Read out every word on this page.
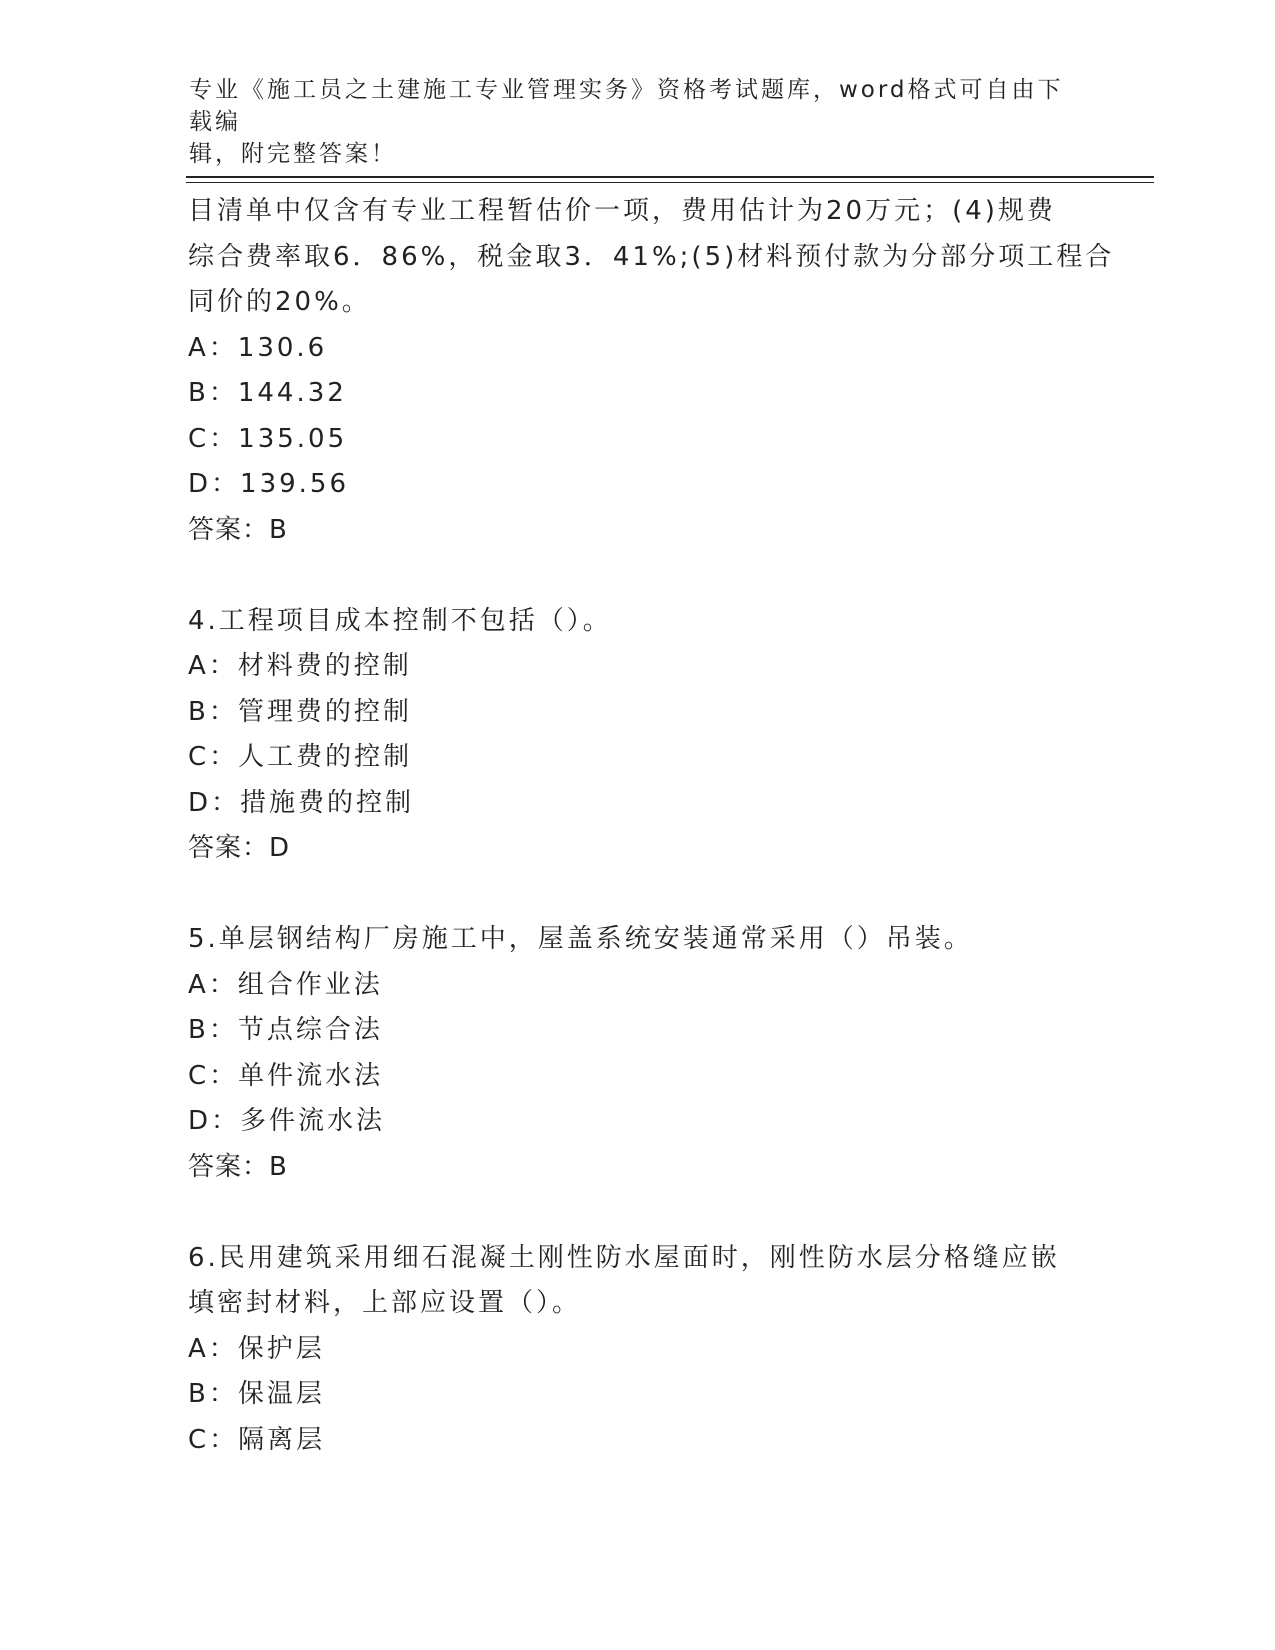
专业《施工员之土建施工专业管理实务》资格考试题库，word格式可自由下载编
辑，附完整答案！
目清单中仅含有专业工程暂估价一项，费用估计为20万元；(4)规费
综合费率取6．86%，税金取3．41%;(5)材料预付款为分部分项工程合
同价的20%。
A：130.6
B：144.32
C：135.05
D：139.56
答案：B
4.工程项目成本控制不包括（）。
A：材料费的控制
B：管理费的控制
C：人工费的控制
D：措施费的控制
答案：D
5.单层钢结构厂房施工中，屋盖系统安装通常采用（）吊装。
A：组合作业法
B：节点综合法
C：单件流水法
D：多件流水法
答案：B
6.民用建筑采用细石混凝土刚性防水屋面时，刚性防水层分格缝应嵌
填密封材料，上部应设置（）。
A：保护层
B：保温层
C：隔离层
